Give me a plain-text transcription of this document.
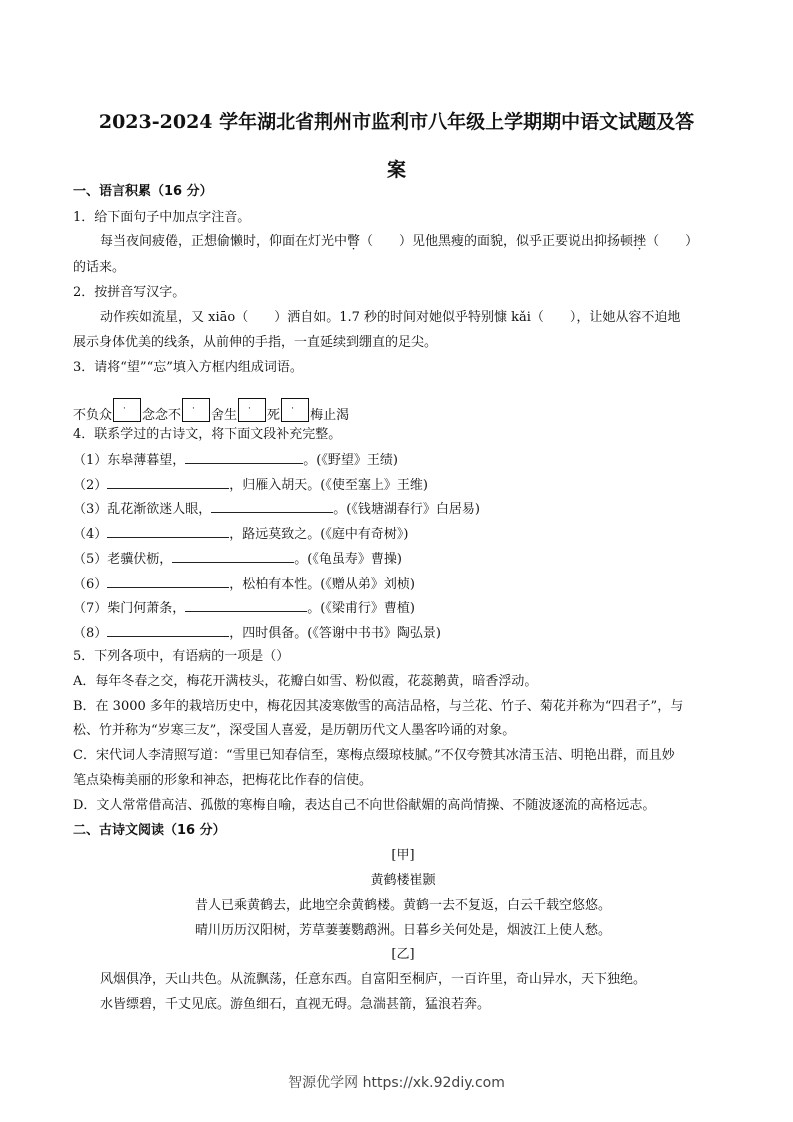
2023-2024 学年湖北省荆州市监利市八年级上学期期中语文试题及答
案
一、语言积累（16 分）
1．给下面句子中加点字注音。
每当夜间疲倦，正想偷懒时，仰面在灯光中瞥（　　）见他黑瘦的面貌，似乎正要说出抑扬顿挫（　　）
的话来。
2．按拼音写汉字。
动作疾如流星，又 xiāo（　　）洒自如。1.7 秒的时间对她似乎特别慷 kǎi（　　），让她从容不迫地
展示身体优美的线条，从前伸的手指，一直延续到绷直的足尖。
3．请将“望”“忘”填入方框内组成词语。
不负众 · 念念不 · 舍生 · 死 · 梅止渴
4．联系学过的古诗文，将下面文段补充完整。
（1）东皋薄暮望，	。(《野望》王绩)
（2）	，归雁入胡天。(《使至塞上》王维)
（3）乱花渐欲迷人眼，	。(《钱塘湖春行》白居易)
（4）	，路远莫致之。(《庭中有奇树》)
（5）老骥伏枥，	。(《龟虽寿》曹操)
（6）	，松柏有本性。(《赠从弟》刘桢)
（7）柴门何萧条，	。(《梁甫行》曹植)
（8）	，四时俱备。(《答谢中书书》陶弘景)
5．下列各项中，有语病的一项是（）
A．每年冬春之交，梅花开满枝头，花瓣白如雪、粉似霞，花蕊鹅黄，暗香浮动。
B．在 3000 多年的栽培历史中，梅花因其凌寒傲雪的高洁品格，与兰花、竹子、菊花并称为“四君子”，与
松、竹并称为“岁寒三友”，深受国人喜爱，是历朝历代文人墨客吟诵的对象。
C．宋代词人李清照写道：“雪里已知春信至，寒梅点缀琼枝腻。”不仅夸赞其冰清玉洁、明艳出群，而且妙
笔点染梅美丽的形象和神态，把梅花比作春的信使。
D．文人常常借高洁、孤傲的寒梅自喻，表达自己不向世俗献媚的高尚情操、不随波逐流的高格远志。
二、古诗文阅读（16 分）
[甲]
黄鹤楼崔颢
昔人已乘黄鹤去，此地空余黄鹤楼。黄鹤一去不复返，白云千载空悠悠。
晴川历历汉阳树，芳草萋萋鹦鹉洲。日暮乡关何处是，烟波江上使人愁。
[乙]
风烟俱净，天山共色。从流飘荡，任意东西。自富阳至桐庐，一百许里，奇山异水，天下独绝。
水皆缥碧，千丈见底。游鱼细石，直视无碍。急湍甚箭，猛浪若奔。
智源优学网 https://xk.92diy.com
